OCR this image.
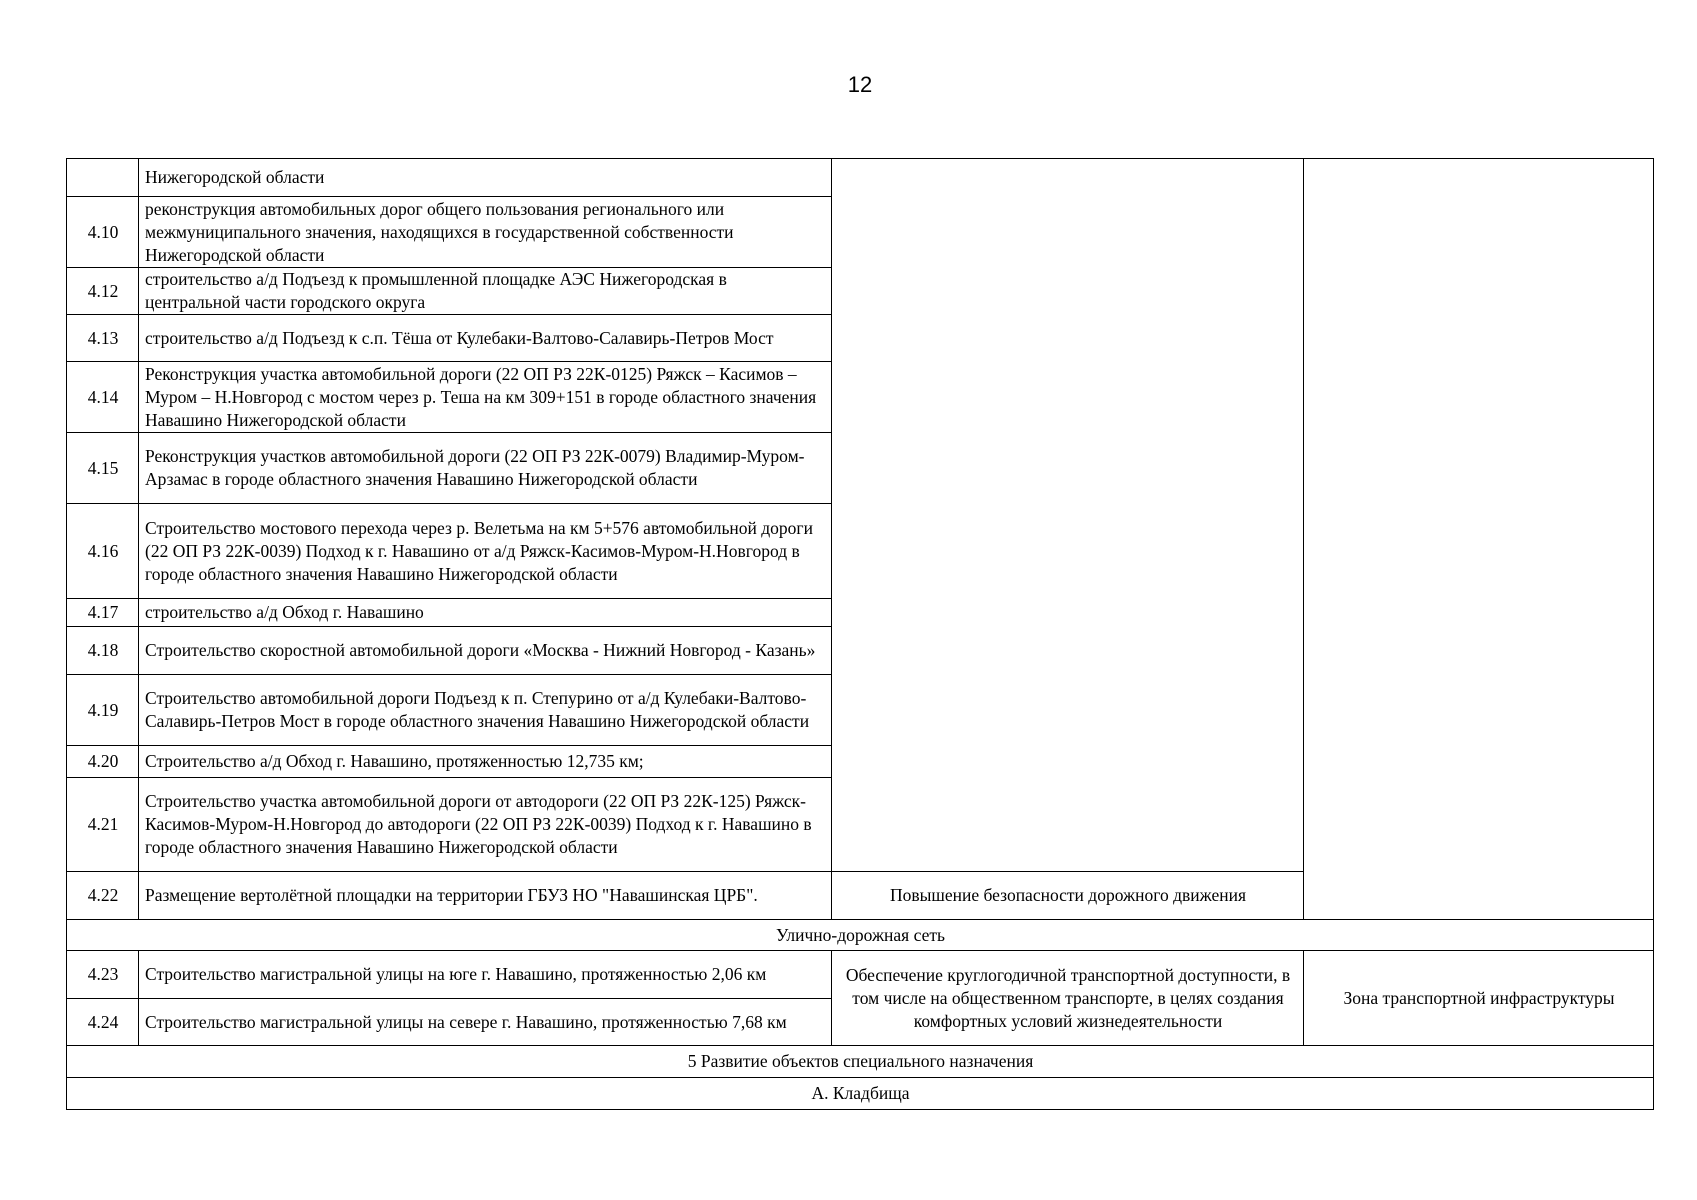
12
	Нижегородской области		
4.10	реконструкция автомобильных дорог общего пользования регионального или межмуниципального значения, находящихся в государственной собственности Нижегородской области		
4.12	строительство а/д Подъезд к промышленной площадке АЭС Нижегородская в центральной части городского округа		
4.13	строительство а/д Подъезд к с.п. Тёша от Кулебаки-Валтово-Салавирь-Петров Мост		
4.14	Реконструкция участка автомобильной дороги (22 ОП РЗ 22К-0125) Ряжск – Касимов – Муром – Н.Новгород с мостом через р. Теша на км 309+151 в городе областного значения Навашино Нижегородской области		
4.15	Реконструкция участков автомобильной дороги (22 ОП РЗ 22К-0079) Владимир-Муром-Арзамас в городе областного значения Навашино Нижегородской области		
4.16	Строительство мостового перехода через р. Велетьма на км 5+576 автомобильной дороги (22 ОП РЗ 22К-0039) Подход к г. Навашино от а/д Ряжск-Касимов-Муром-Н.Новгород в городе областного значения Навашино Нижегородской области		
4.17	строительство а/д Обход г. Навашино		
4.18	Строительство скоростной автомобильной дороги «Москва - Нижний Новгород - Казань»		
4.19	Строительство автомобильной дороги Подъезд к п. Степурино от а/д Кулебаки-Валтово-Салавирь-Петров Мост в городе областного значения Навашино Нижегородской области		
4.20	Строительство а/д Обход г. Навашино, протяженностью 12,735 км;		
4.21	Строительство участка автомобильной дороги от автодороги (22 ОП РЗ 22К-125) Ряжск-Касимов-Муром-Н.Новгород до автодороги (22 ОП РЗ 22К-0039) Подход к г. Навашино в городе областного значения Навашино Нижегородской области		
4.22	Размещение вертолётной площадки на территории ГБУЗ НО "Навашинская ЦРБ".	Повышение безопасности дорожного движения	
Улично-дорожная сеть			
4.23	Строительство магистральной улицы на юге г. Навашино, протяженностью 2,06 км	Обеспечение круглогодичной транспортной доступности, в том числе на общественном транспорте, в целях создания комфортных условий жизнедеятельности	Зона транспортной инфраструктуры
4.24	Строительство магистральной улицы на севере г. Навашино, протяженностью 7,68 км		
5 Развитие объектов специального назначения			
А. Кладбища			
